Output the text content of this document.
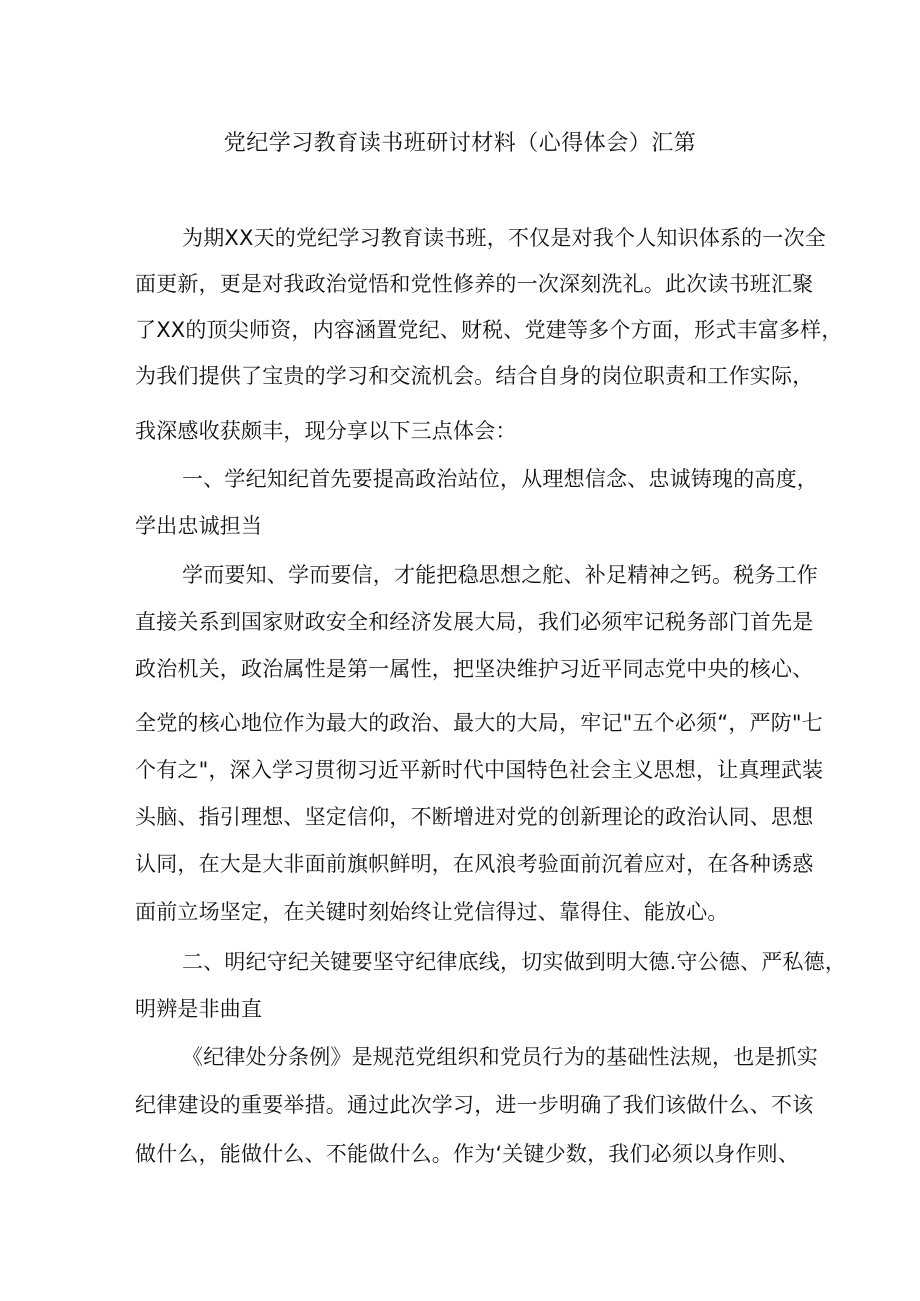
党纪学习教育读书班研讨材料（心得体会）汇第
为期XX天的党纪学习教育读书班，不仅是对我个人知识体系的一次全
面更新，更是对我政治觉悟和党性修养的一次深刻洗礼。此次读书班汇聚
了XX的顶尖师资，内容涵置党纪、财税、党建等多个方面，形式丰富多样，
为我们提供了宝贵的学习和交流机会。结合自身的岗位职责和工作实际，
我深感收获颇丰，现分享以下三点体会：
一、学纪知纪首先要提高政治站位，从理想信念、忠诚铸瑰的高度，
学出忠诚担当
学而要知、学而要信，才能把稳思想之舵、补足精神之钙。税务工作
直接关系到国家财政安全和经济发展大局，我们必须牢记税务部门首先是
政治机关，政治属性是第一属性，把坚决维护习近平同志党中央的核心、
全党的核心地位作为最大的政治、最大的大局，牢记"五个必须“，严防"七
个有之"，深入学习贯彻习近平新时代中国特色社会主义思想，让真理武装
头脑、指引理想、坚定信仰，不断增进对党的创新理论的政治认同、思想
认同，在大是大非面前旗帜鲜明，在风浪考验面前沉着应对，在各种诱惑
面前立场坚定，在关键时刻始终让党信得过、靠得住、能放心。
二、明纪守纪关键要坚守纪律底线，切实做到明大德.守公德、严私德，
明辨是非曲直
《纪律处分条例》是规范党组织和党员行为的基础性法规，也是抓实
纪律建设的重要举措。通过此次学习，进一步明确了我们该做什么、不该
做什么，能做什么、不能做什么。作为‘关键少数，我们必须以身作则、
